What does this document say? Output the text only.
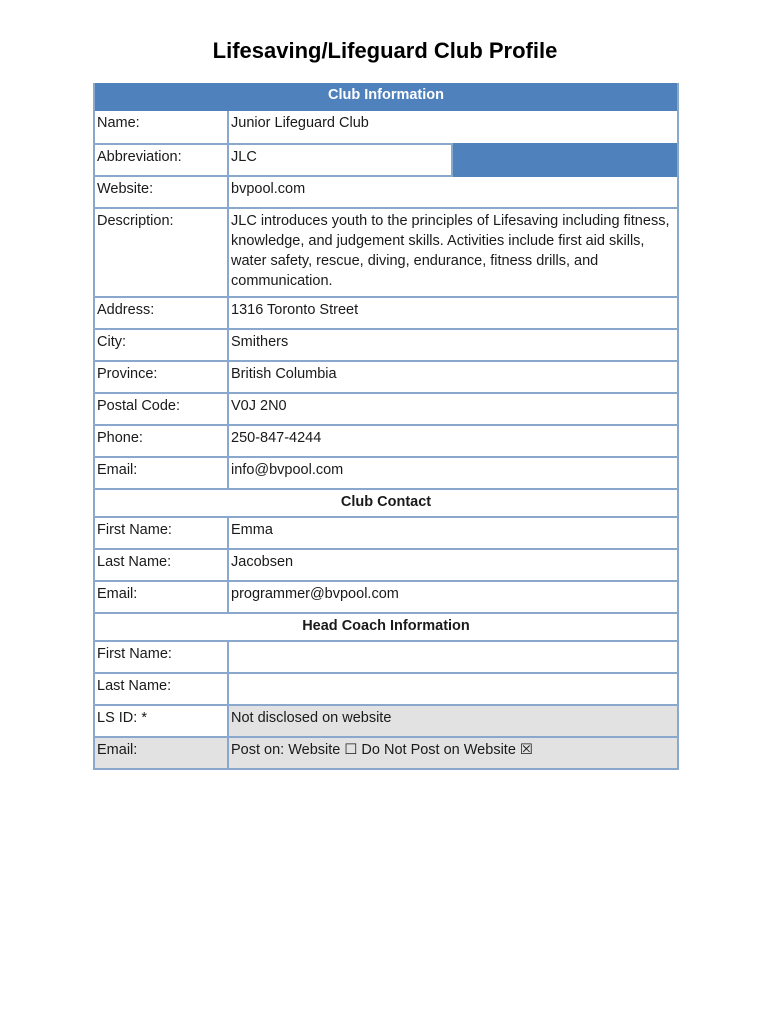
Lifesaving/Lifeguard Club Profile
Club Information
Name:	Junior Lifeguard Club
Abbreviation:	JLC
Website:	bvpool.com
Description:	JLC introduces youth to the principles of Lifesaving including fitness, knowledge, and judgement skills. Activities include first aid skills, water safety, rescue, diving, endurance, fitness drills, and communication.
Address:	1316 Toronto Street
City:	Smithers
Province:	British Columbia
Postal Code:	V0J 2N0
Phone:	250-847-4244
Email:	info@bvpool.com
Club Contact
First Name:	Emma
Last Name:	Jacobsen
Email:	programmer@bvpool.com
Head Coach Information
First Name:
Last Name:
LS ID: *	Not disclosed on website
Email:	Post on: Website ☐ Do Not Post on Website ☒
